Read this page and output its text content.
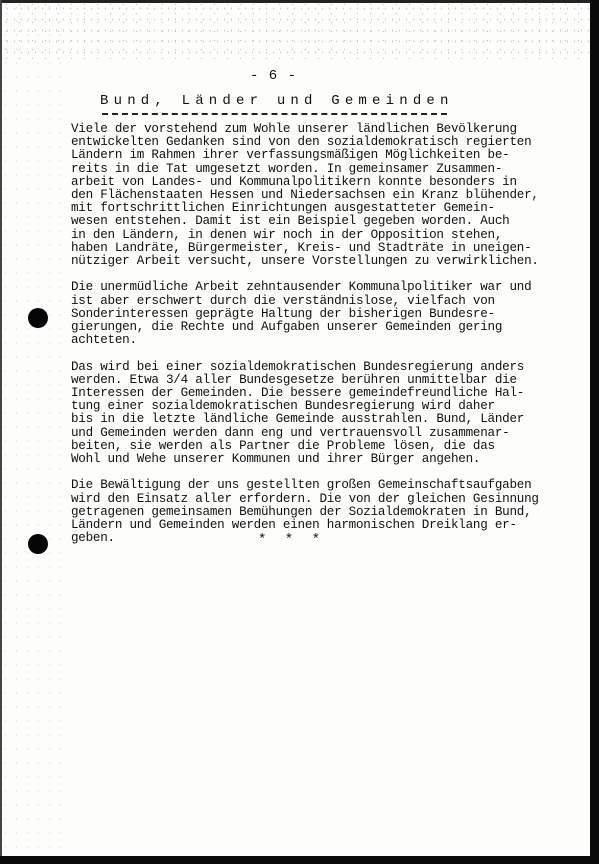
- 6 -
Bund, Länder und Gemeinden
Viele der vorstehend zum Wohle unserer ländlichen Bevölkerung
entwickelten Gedanken sind von den sozialdemokratisch regierten
Ländern im Rahmen ihrer verfassungsmäßigen Möglichkeiten be-
reits in die Tat umgesetzt worden. In gemeinsamer Zusammen-
arbeit von Landes- und Kommunalpolitikern konnte besonders in
den Flächenstaaten Hessen und Niedersachsen ein Kranz blühender,
mit fortschrittlichen Einrichtungen ausgestatteter Gemein-
wesen entstehen. Damit ist ein Beispiel gegeben worden. Auch
in den Ländern, in denen wir noch in der Opposition stehen,
haben Landräte, Bürgermeister, Kreis- und Stadträte in uneigen-
nütziger Arbeit versucht, unsere Vorstellungen zu verwirklichen.
Die unermüdliche Arbeit zehntausender Kommunalpolitiker war und
ist aber erschwert durch die verständnislose, vielfach von
Sonderinteressen geprägte Haltung der bisherigen Bundesre-
gierungen, die Rechte und Aufgaben unserer Gemeinden gering
achteten.
Das wird bei einer sozialdemokratischen Bundesregierung anders
werden. Etwa 3/4 aller Bundesgesetze berühren unmittelbar die
Interessen der Gemeinden. Die bessere gemeindefreundliche Hal-
tung einer sozialdemokratischen Bundesregierung wird daher
bis in die letzte ländliche Gemeinde ausstrahlen. Bund, Länder
und Gemeinden werden dann eng und vertrauensvoll zusammenar-
beiten, sie werden als Partner die Probleme lösen, die das
Wohl und Wehe unserer Kommunen und ihrer Bürger angehen.
Die Bewältigung der uns gestellten großen Gemeinschaftsaufgaben
wird den Einsatz aller erfordern. Die von der gleichen Gesinnung
getragenen gemeinsamen Bemühungen der Sozialdemokraten in Bund,
Ländern und Gemeinden werden einen harmonischen Dreiklang er-
geben.	* * *
